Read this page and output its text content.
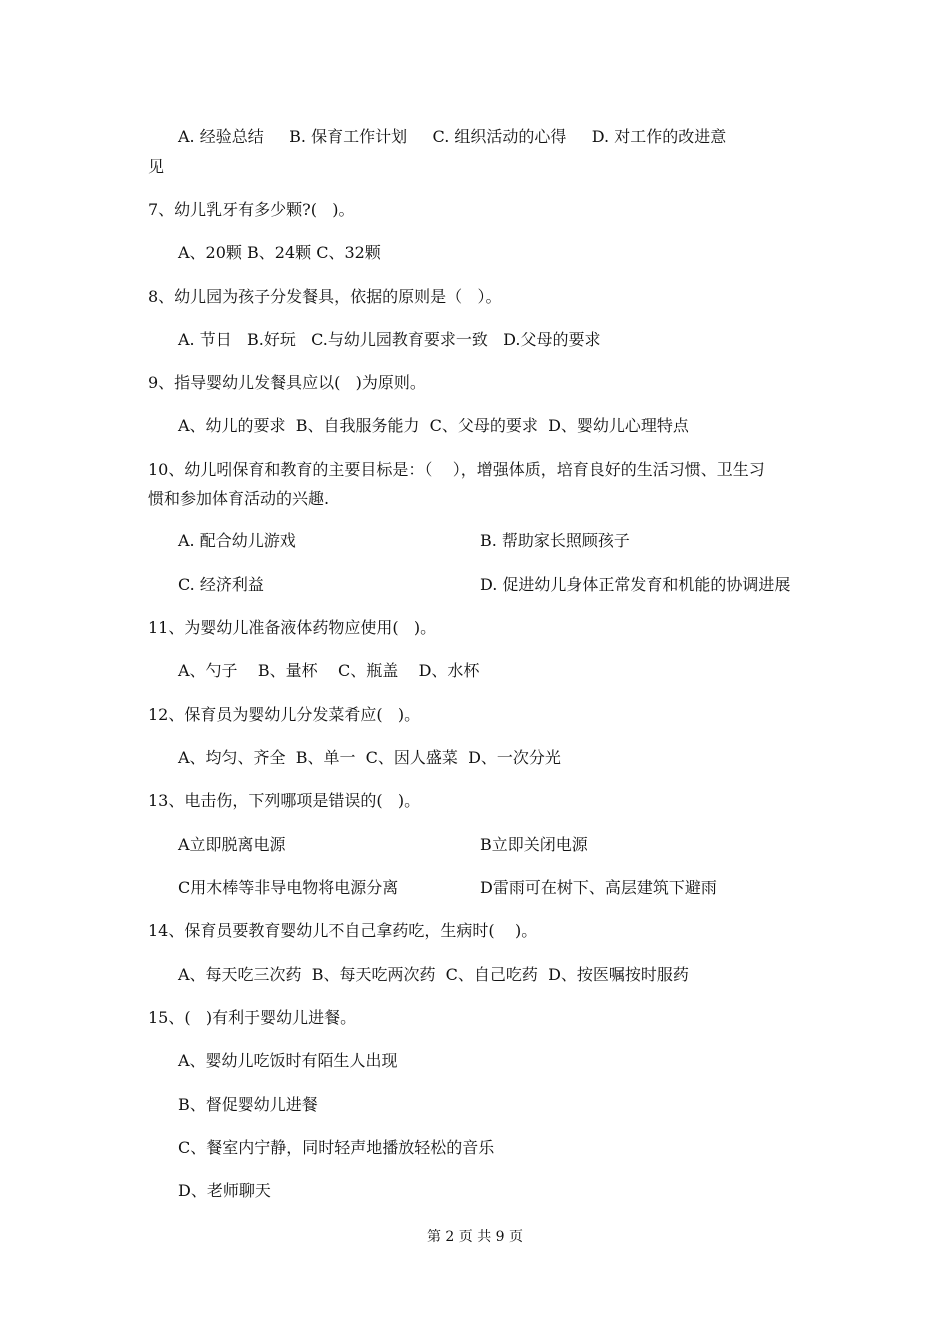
A. 经验总结     B. 保育工作计划     C. 组织活动的心得     D. 对工作的改进意
见
7、幼儿乳牙有多少颗?(   )。
A、20颗 B、24颗 C、32颗
8、幼儿园为孩子分发餐具，依据的原则是（   ）。
A. 节日   B.好玩   C.与幼儿园教育要求一致   D.父母的要求
9、指导婴幼儿发餐具应以(   )为原则。
A、幼儿的要求  B、自我服务能力  C、父母的要求  D、婴幼儿心理特点
10、幼儿吲保育和教育的主要目标是：（    ），增强体质，培育良好的生活习惯、卫生习
惯和参加体育活动的兴趣.
A. 配合幼儿游戏	B. 帮助家长照顾孩子
C. 经济利益	D. 促进幼儿身体正常发育和机能的协调进展
11、为婴幼儿准备液体药物应使用(   )。
A、勺子    B、量杯    C、瓶盖    D、水杯
12、保育员为婴幼儿分发菜肴应(   )。
A、均匀、齐全  B、单一  C、因人盛菜  D、一次分光
13、电击伤，下列哪项是错误的(   )。
A立即脱离电源	B立即关闭电源
C用木棒等非导电物将电源分离	D雷雨可在树下、高层建筑下避雨
14、保育员要教育婴幼儿不自己拿药吃，生病时(    )。
A、每天吃三次药  B、每天吃两次药  C、自己吃药  D、按医嘱按时服药
15、(   )有利于婴幼儿进餐。
A、婴幼儿吃饭时有陌生人出现
B、督促婴幼儿进餐
C、餐室内宁静，同时轻声地播放轻松的音乐
D、老师聊天
第 2 页 共 9 页
